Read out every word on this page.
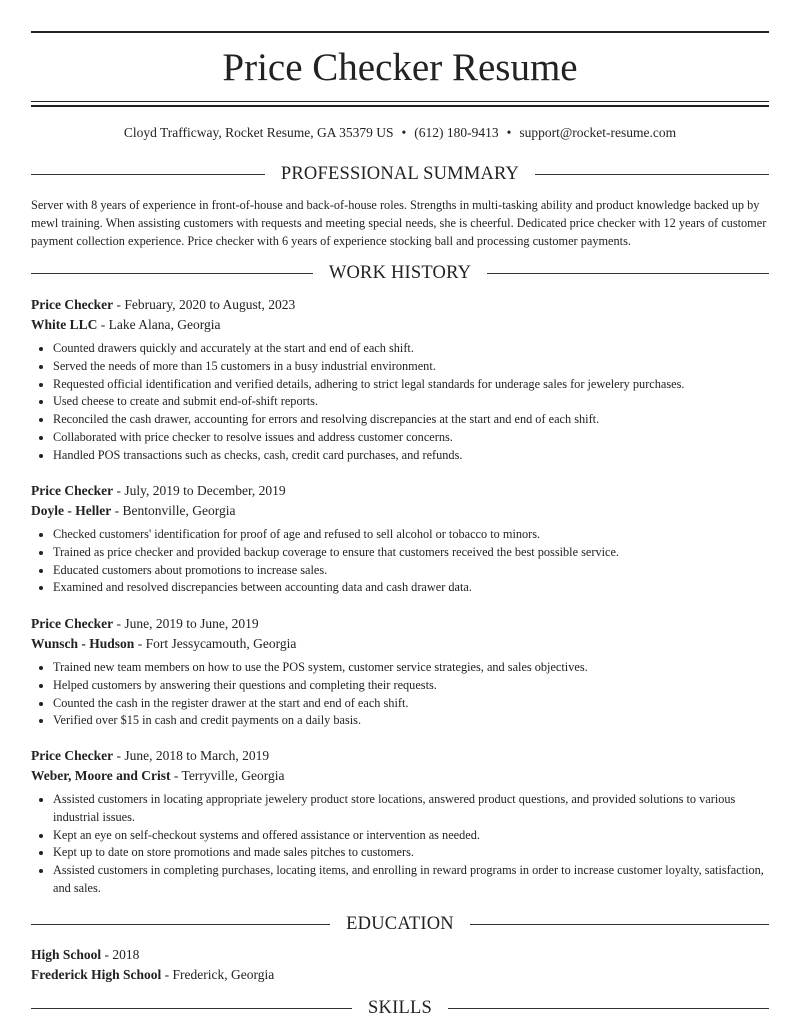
Price Checker Resume
Cloyd Trafficway, Rocket Resume, GA 35379 US • (612) 180-9413 • support@rocket-resume.com
PROFESSIONAL SUMMARY
Server with 8 years of experience in front-of-house and back-of-house roles. Strengths in multi-tasking ability and product knowledge backed up by mewl training. When assisting customers with requests and meeting special needs, she is cheerful. Dedicated price checker with 12 years of customer payment collection experience. Price checker with 6 years of experience stocking ball and processing customer payments.
WORK HISTORY
Price Checker - February, 2020 to August, 2023
White LLC - Lake Alana, Georgia
• Counted drawers quickly and accurately at the start and end of each shift.
• Served the needs of more than 15 customers in a busy industrial environment.
• Requested official identification and verified details, adhering to strict legal standards for underage sales for jewelery purchases.
• Used cheese to create and submit end-of-shift reports.
• Reconciled the cash drawer, accounting for errors and resolving discrepancies at the start and end of each shift.
• Collaborated with price checker to resolve issues and address customer concerns.
• Handled POS transactions such as checks, cash, credit card purchases, and refunds.
Price Checker - July, 2019 to December, 2019
Doyle - Heller - Bentonville, Georgia
• Checked customers' identification for proof of age and refused to sell alcohol or tobacco to minors.
• Trained as price checker and provided backup coverage to ensure that customers received the best possible service.
• Educated customers about promotions to increase sales.
• Examined and resolved discrepancies between accounting data and cash drawer data.
Price Checker - June, 2019 to June, 2019
Wunsch - Hudson - Fort Jessycamouth, Georgia
• Trained new team members on how to use the POS system, customer service strategies, and sales objectives.
• Helped customers by answering their questions and completing their requests.
• Counted the cash in the register drawer at the start and end of each shift.
• Verified over $15 in cash and credit payments on a daily basis.
Price Checker - June, 2018 to March, 2019
Weber, Moore and Crist - Terryville, Georgia
• Assisted customers in locating appropriate jewelery product store locations, answered product questions, and provided solutions to various industrial issues.
• Kept an eye on self-checkout systems and offered assistance or intervention as needed.
• Kept up to date on store promotions and made sales pitches to customers.
• Assisted customers in completing purchases, locating items, and enrolling in reward programs in order to increase customer loyalty, satisfaction, and sales.
EDUCATION
High School - 2018
Frederick High School - Frederick, Georgia
SKILLS
